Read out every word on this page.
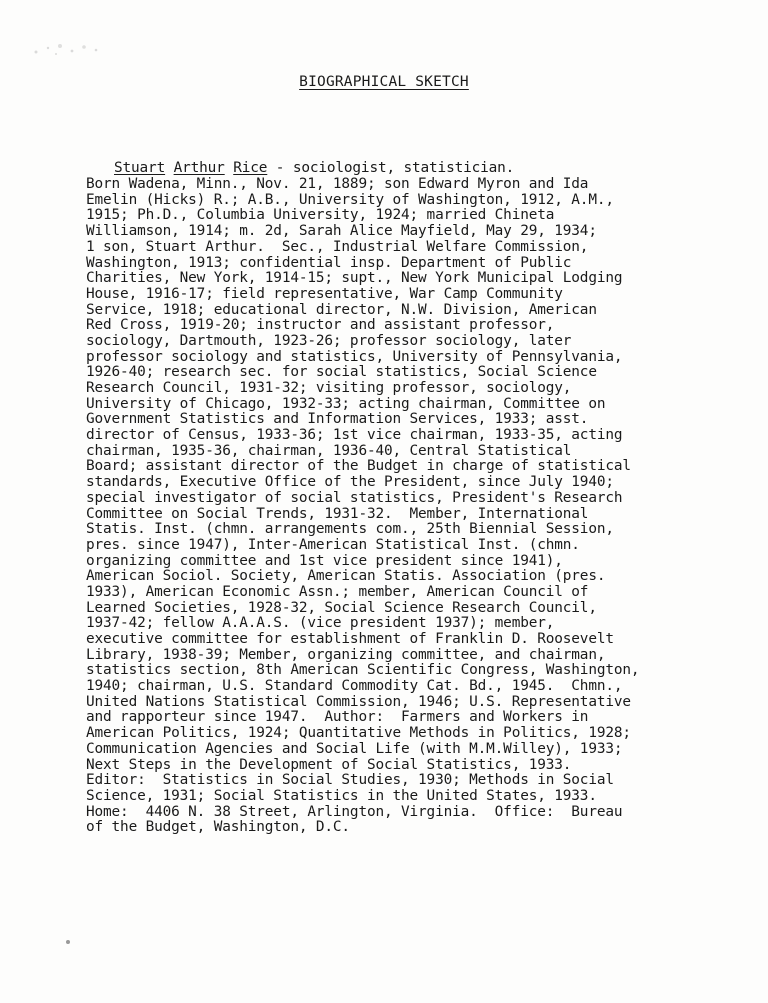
BIOGRAPHICAL SKETCH

Stuart Arthur Rice - sociologist, statistician.
Born Wadena, Minn., Nov. 21, 1889; son Edward Myron and Ida
Emelin (Hicks) R.; A.B., University of Washington, 1912, A.M.,
1915; Ph.D., Columbia University, 1924; married Chineta
Williamson, 1914; m. 2d, Sarah Alice Mayfield, May 29, 1934;
1 son, Stuart Arthur.  Sec., Industrial Welfare Commission,
Washington, 1913; confidential insp. Department of Public
Charities, New York, 1914-15; supt., New York Municipal Lodging
House, 1916-17; field representative, War Camp Community
Service, 1918; educational director, N.W. Division, American
Red Cross, 1919-20; instructor and assistant professor,
sociology, Dartmouth, 1923-26; professor sociology, later
professor sociology and statistics, University of Pennsylvania,
1926-40; research sec. for social statistics, Social Science
Research Council, 1931-32; visiting professor, sociology,
University of Chicago, 1932-33; acting chairman, Committee on
Government Statistics and Information Services, 1933; asst.
director of Census, 1933-36; 1st vice chairman, 1933-35, acting
chairman, 1935-36, chairman, 1936-40, Central Statistical
Board; assistant director of the Budget in charge of statistical
standards, Executive Office of the President, since July 1940;
special investigator of social statistics, President's Research
Committee on Social Trends, 1931-32.  Member, International
Statis. Inst. (chmn. arrangements com., 25th Biennial Session,
pres. since 1947), Inter-American Statistical Inst. (chmn.
organizing committee and 1st vice president since 1941),
American Sociol. Society, American Statis. Association (pres.
1933), American Economic Assn.; member, American Council of
Learned Societies, 1928-32, Social Science Research Council,
1937-42; fellow A.A.A.S. (vice president 1937); member,
executive committee for establishment of Franklin D. Roosevelt
Library, 1938-39; Member, organizing committee, and chairman,
statistics section, 8th American Scientific Congress, Washington,
1940; chairman, U.S. Standard Commodity Cat. Bd., 1945.  Chmn.,
United Nations Statistical Commission, 1946; U.S. Representative
and rapporteur since 1947.  Author:  Farmers and Workers in
American Politics, 1924; Quantitative Methods in Politics, 1928;
Communication Agencies and Social Life (with M.M.Willey), 1933;
Next Steps in the Development of Social Statistics, 1933.
Editor:  Statistics in Social Studies, 1930; Methods in Social
Science, 1931; Social Statistics in the United States, 1933.
Home:  4406 N. 38 Street, Arlington, Virginia.  Office:  Bureau
of the Budget, Washington, D.C.
